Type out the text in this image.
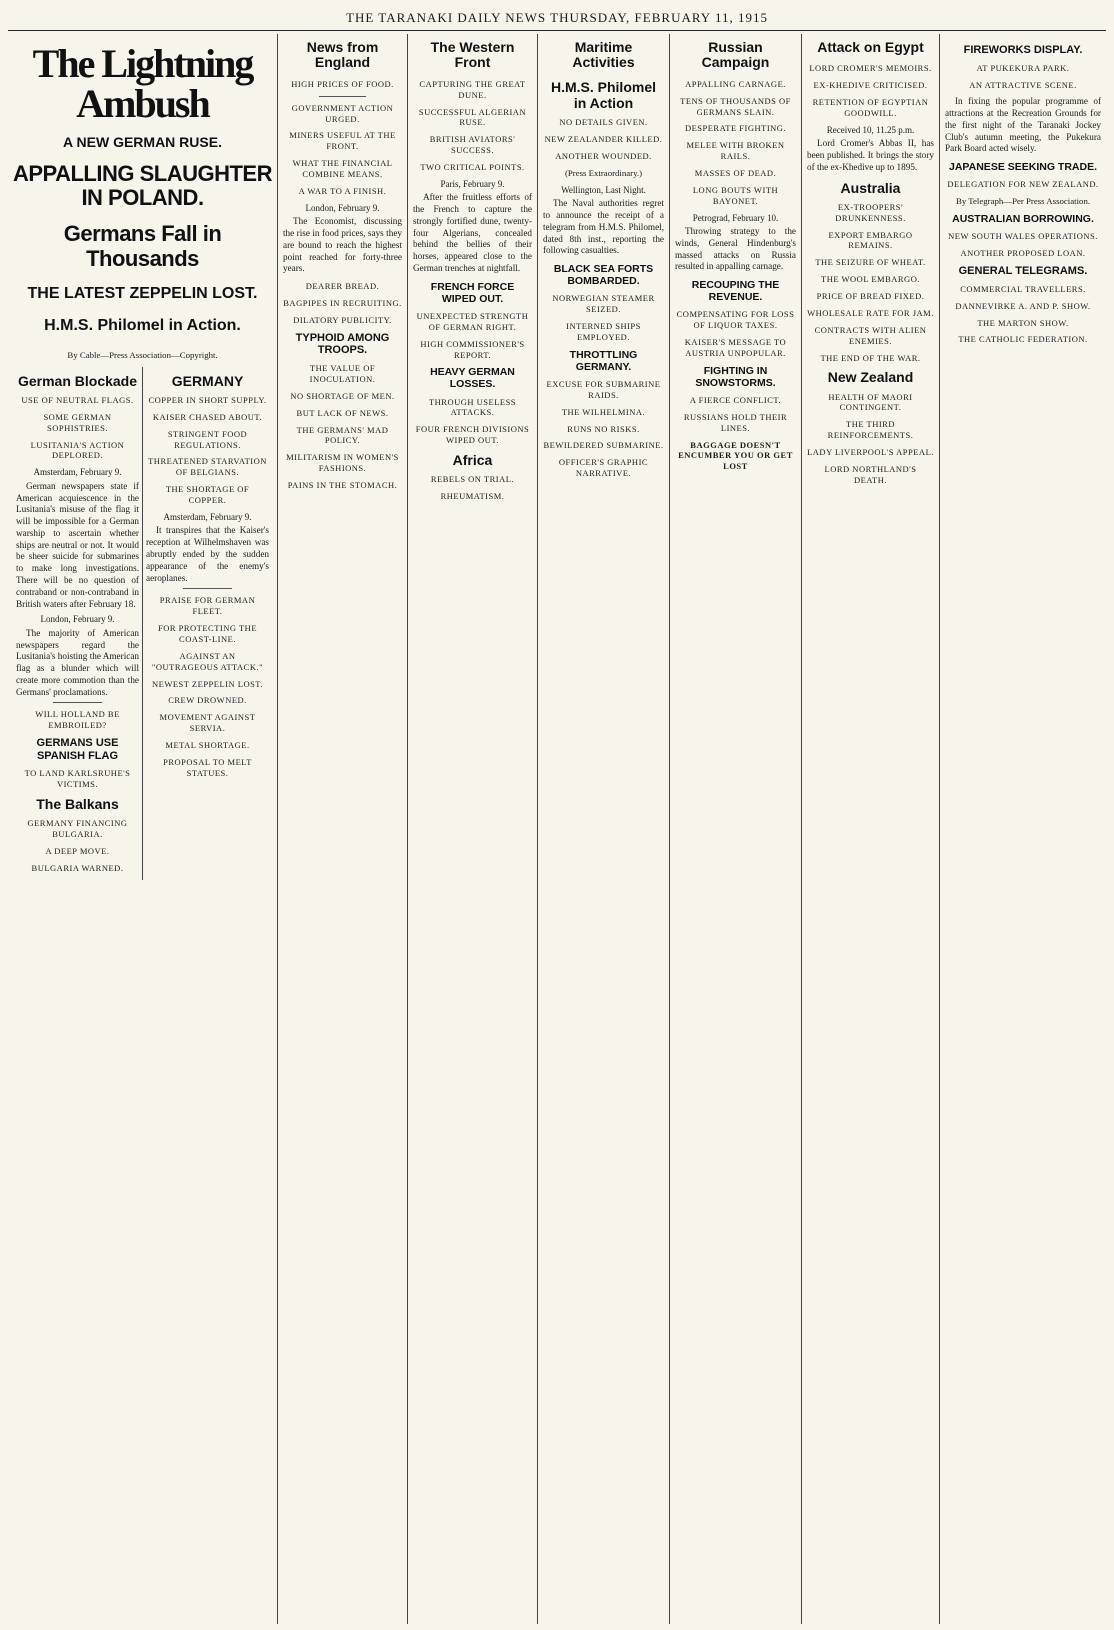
THE TARANAKI DAILY NEWS THURSDAY, FEBRUARY 11, 1915
The Lightning Ambush
A NEW GERMAN RUSE.
APPALLING SLAUGHTER IN POLAND.
Germans Fall in Thousands
THE LATEST ZEPPELIN LOST.
H.M.S. Philomel in Action.
By Cable—Press Association—Copyright.
German Blockade
USE OF NEUTRAL FLAGS.
SOME GERMAN SOPHISTRIES.
LUSITANIA'S ACTION DEPLORED.
Amsterdam, February 9.

German newspapers state if American acquiescence in the Lusitania's misuse of the flag it will be impossible for a German warship to ascertain whether ships are neutral or not. It would be sheer suicide for submarines to make long investigations. There will be no question of contraband or non-contraband in British waters after February 18.

London, February 9.

The majority of American newspapers regard the Lusitania's hoisting the American flag as a blunder which will create more commotion than the Germans' proclamations.

WILL HOLLAND BE EMBROILED?
GERMANS USE SPANISH FLAG
TO LAND KARLSRUHE'S VICTIMS.
The Balkans
GERMANY FINANCING BULGARIA.
A DEEP MOVE.
BULGARIA WARNED.
GERMANY
COPPER IN SHORT SUPPLY.
KAISER CHASED ABOUT.
STRINGENT FOOD REGULATIONS.
THREATENED STARVATION OF BELGIANS.
THE SHORTAGE OF COPPER.
Amsterdam, February 9.

It transpires that the Kaiser's reception at Wilhelmshaven was abruptly ended by the sudden appearance of the enemy's aeroplanes.

PRAISE FOR GERMAN FLEET.
FOR PROTECTING THE COAST-LINE.
AGAINST AN "OUTRAGEOUS ATTACK."
NEWEST ZEPPELIN LOST.
CREW DROWNED.
MOVEMENT AGAINST SERVIA.
METAL SHORTAGE.
PROPOSAL TO MELT STATUES.
News from England
HIGH PRICES OF FOOD.
GOVERNMENT ACTION URGED.
MINERS USEFUL AT THE FRONT.
WHAT THE FINANCIAL COMBINE MEANS.
A WAR TO A FINISH.
London, February 9.

The Economist, discussing the rise in food prices, says they are bound to reach the highest point reached for forty-three years.

DEARER BREAD.
BAGPIPES IN RECRUITING.
DILATORY PUBLICITY.
TYPHOID AMONG TROOPS.
THE VALUE OF INOCULATION.
NO SHORTAGE OF MEN.
BUT LACK OF NEWS.
THE GERMANS' MAD POLICY.
MILITARISM IN WOMEN'S FASHIONS.
PAINS IN THE STOMACH.
The Western Front
CAPTURING THE GREAT DUNE.
SUCCESSFUL ALGERIAN RUSE.
BRITISH AVIATORS' SUCCESS.
TWO CRITICAL POINTS.
Paris, February 9.

After the fruitless efforts of the French to capture the strongly fortified dune, twenty-four Algerians, concealed behind the bellies of their horses, appeared close to the German trenches at nightfall.

FRENCH FORCE WIPED OUT.
UNEXPECTED STRENGTH OF GERMAN RIGHT.
HIGH COMMISSIONER'S REPORT.
HEAVY GERMAN LOSSES.
THROUGH USELESS ATTACKS.
FOUR FRENCH DIVISIONS WIPED OUT.
Africa
REBELS ON TRIAL.
RHEUMATISM.
Maritime Activities
H.M.S. Philomel in Action
NO DETAILS GIVEN.
NEW ZEALANDER KILLED.
ANOTHER WOUNDED.
(Press Extraordinary.)
Wellington, Last Night.

The Naval authorities regret to announce the receipt of a telegram from H.M.S. Philomel, dated 8th inst., reporting the following casualties.

BLACK SEA FORTS BOMBARDED.
NORWEGIAN STEAMER SEIZED.
INTERNED SHIPS EMPLOYED.
THROTTLING GERMANY.
EXCUSE FOR SUBMARINE RAIDS.
THE WILHELMINA.
RUNS NO RISKS.
BEWILDERED SUBMARINE.
OFFICER'S GRAPHIC NARRATIVE.
Russian Campaign
APPALLING CARNAGE.
TENS OF THOUSANDS OF GERMANS SLAIN.
DESPERATE FIGHTING.
MELEE WITH BROKEN RAILS.
MASSES OF DEAD.
LONG BOUTS WITH BAYONET.
Petrograd, February 10.

Throwing strategy to the winds, General Hindenburg's massed attacks on Russia resulted in appalling carnage.

RECOUPING THE REVENUE.
COMPENSATING FOR LOSS OF LIQUOR TAXES.
KAISER'S MESSAGE TO AUSTRIA UNPOPULAR.
FIGHTING IN SNOWSTORMS.
A FIERCE CONFLICT.
RUSSIANS HOLD THEIR LINES.
BAGGAGE DOESN'T ENCUMBER YOU OR GET LOST
Attack on Egypt
LORD CROMER'S MEMOIRS.
EX-KHEDIVE CRITICISED.
RETENTION OF EGYPTIAN GOODWILL.
Received 10, 11.25 p.m.

Lord Cromer's Abbas II, has been published. It brings the story of the ex-Khedive up to 1895.

Australia
EX-TROOPERS' DRUNKENNESS.
EXPORT EMBARGO REMAINS.
THE SEIZURE OF WHEAT.
THE WOOL EMBARGO.
PRICE OF BREAD FIXED.
WHOLESALE RATE FOR JAM.
CONTRACTS WITH ALIEN ENEMIES.
THE END OF THE WAR.
New Zealand
HEALTH OF MAORI CONTINGENT.
THE THIRD REINFORCEMENTS.
LADY LIVERPOOL'S APPEAL.
LORD NORTHLAND'S DEATH.
FIREWORKS DISPLAY.
AT PUKEKURA PARK.
AN ATTRACTIVE SCENE.

In fixing the popular programme of attractions at the Recreation Grounds for the first night of the Taranaki Jockey Club's autumn meeting, the Pukekura Park Board acted wisely.

JAPANESE SEEKING TRADE.
DELEGATION FOR NEW ZEALAND.
By Telegraph—Per Press Association.
AUSTRALIAN BORROWING.
NEW SOUTH WALES OPERATIONS.
ANOTHER PROPOSED LOAN.
GENERAL TELEGRAMS.
COMMERCIAL TRAVELLERS.
DANNEVIRKE A. AND P. SHOW.
THE MARTON SHOW.
THE CATHOLIC FEDERATION.
